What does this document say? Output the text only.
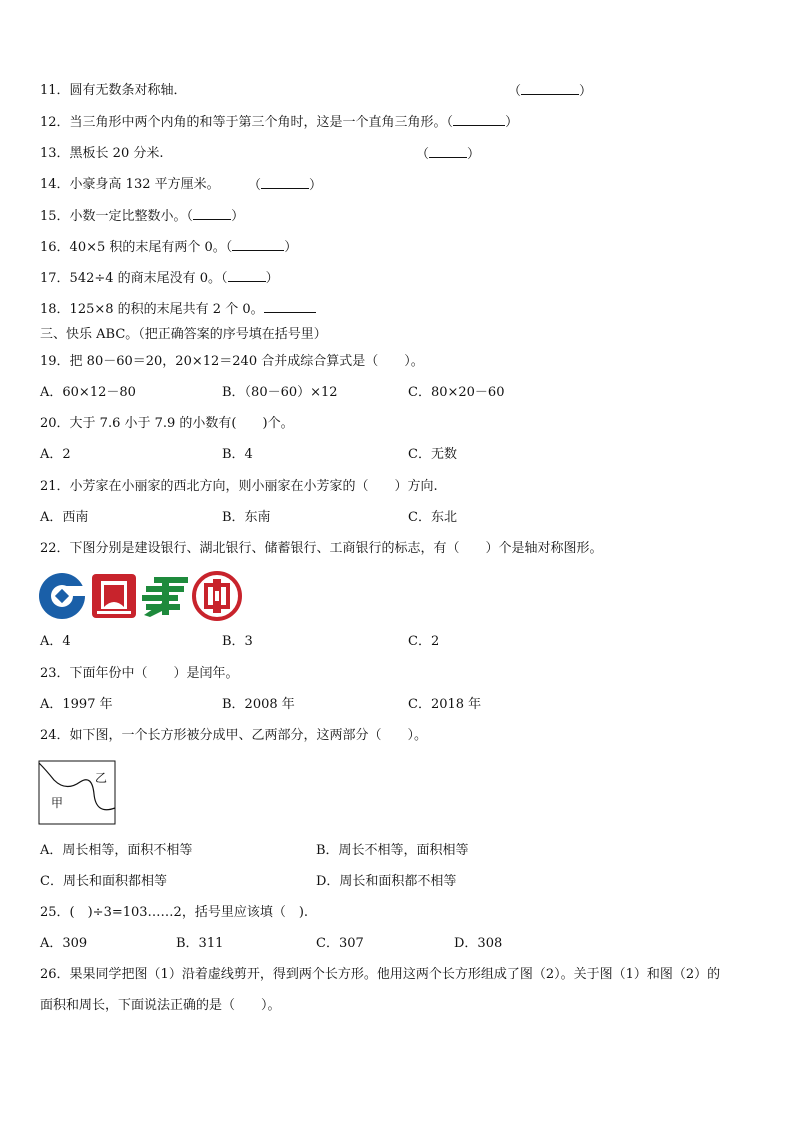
11．圆有无数条对称轴．	（	）
12．当三角形中两个内角的和等于第三个角时，这是一个直角三角形。（	）
13．黑板长 20 分米.	（	）
14．小豪身高 132 平方厘米。 （	）
15．小数一定比整数小。（	）
16．40×5 积的末尾有两个 0。（	）
17．542÷4 的商末尾没有 0。（	）
18．125×8 的积的末尾共有 2 个 0。
三、快乐 ABC。（把正确答案的序号填在括号里）
19．把 80－60＝20，20×12＝240 合并成综合算式是（　　）。
A．60×12－80	B．（80－60）×12	C．80×20－60
20．大于 7.6 小于 7.9 的小数有(　　)个。
A．2	B．4	C．无数
21．小芳家在小丽家的西北方向，则小丽家在小芳家的（　　）方向.
A．西南	B．东南	C．东北
22．下图分别是建设银行、湖北银行、储蓄银行、工商银行的标志，有（　　）个是轴对称图形。
A．4	B．3	C．2
23．下面年份中（　　）是闰年。
A．1997 年	B．2008 年	C．2018 年
24．如下图，一个长方形被分成甲、乙两部分，这两部分（　　）。
甲
乙
A．周长相等，面积不相等	B．周长不相等，面积相等
C．周长和面积都相等	D．周长和面积都不相等
25．(　)÷3=103……2，括号里应该填（　).
A．309	B．311	C．307	D．308
26．果果同学把图（1）沿着虚线剪开，得到两个长方形。他用这两个长方形组成了图（2）。关于图（1）和图（2）的
面积和周长，下面说法正确的是（　　）。
